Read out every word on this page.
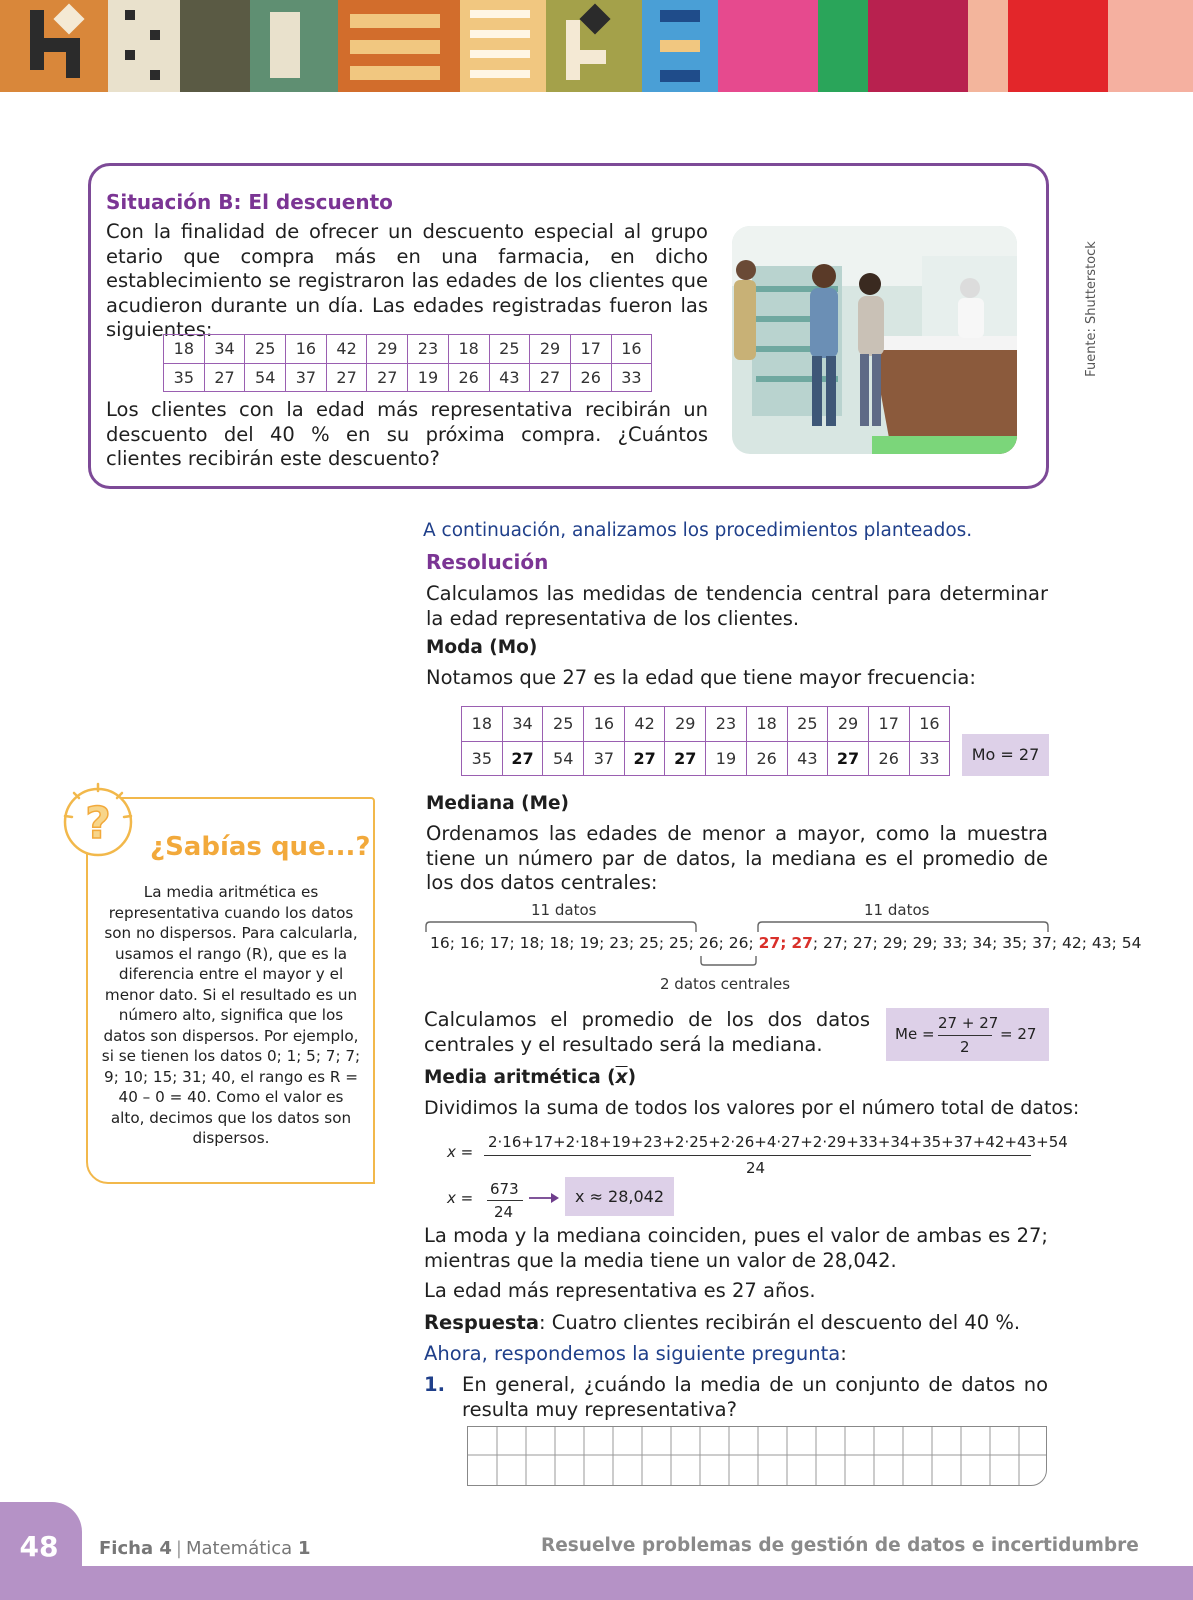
Situación B: El descuento
Con la finalidad de ofrecer un descuento especial al grupo etario que compra más en una farmacia, en dicho establecimiento se registraron las edades de los clientes que acudieron durante un día. Las edades registradas fueron las siguientes:
18	34	25	16	42	29	23	18	25	29	17	16
35	27	54	37	27	27	19	26	43	27	26	33
Los clientes con la edad más representativa recibirán un descuento del 40 % en su próxima compra. ¿Cuántos clientes recibirán este descuento?
Fuente: Shutterstock
A continuación, analizamos los procedimientos planteados.
Resolución
Calculamos las medidas de tendencia central para determinar la edad representativa de los clientes.
Moda (Mo)
Notamos que 27 es la edad que tiene mayor frecuencia:
18	34	25	16	42	29	23	18	25	29	17	16
35	27	54	37	27	27	19	26	43	27	26	33	Mo = 27
Mediana (Me)
Ordenamos las edades de menor a mayor, como la muestra tiene un número par de datos, la mediana es el promedio de los dos datos centrales:
11 datos	11 datos
16; 16; 17; 18; 18; 19; 23; 25; 25; 26; 26; 27; 27; 27; 27; 29; 29; 33; 34; 35; 37; 42; 43; 54
2 datos centrales
Calculamos el promedio de los dos datos centrales y el resultado será la mediana.	Me =
27 + 27
2
= 27
Media aritmética $(\overline{x})$
Dividimos la suma de todos los valores por el número total de datos:
x =
2·16+17+2·18+19+23+2·25+2·26+4·27+2·29+33+34+35+37+42+43+54
24
x = 673
24
x ≈ 28,042
La moda y la mediana coinciden, pues el valor de ambas es 27; mientras que la media tiene un valor de 28,042.
La edad más representativa es 27 años.
Respuesta: Cuatro clientes recibirán el descuento del 40 %.
Ahora, respondemos la siguiente pregunta:
1. En general, ¿cuándo la media de un conjunto de datos no resulta muy representativa?
? ¿Sabías que...?
La media aritmética es representativa cuando los datos son no dispersos. Para calcularla, usamos el rango (R), que es la diferencia entre el mayor y el menor dato. Si el resultado es un número alto, significa que los datos son dispersos. Por ejemplo, si se tienen los datos 0; 1; 5; 7; 7; 9; 10; 15; 31; 40, el rango es R = 40 – 0 = 40. Como el valor es alto, decimos que los datos son dispersos.
48	Ficha 4 | Matemática 1	Resuelve problemas de gestión de datos e incertidumbre
